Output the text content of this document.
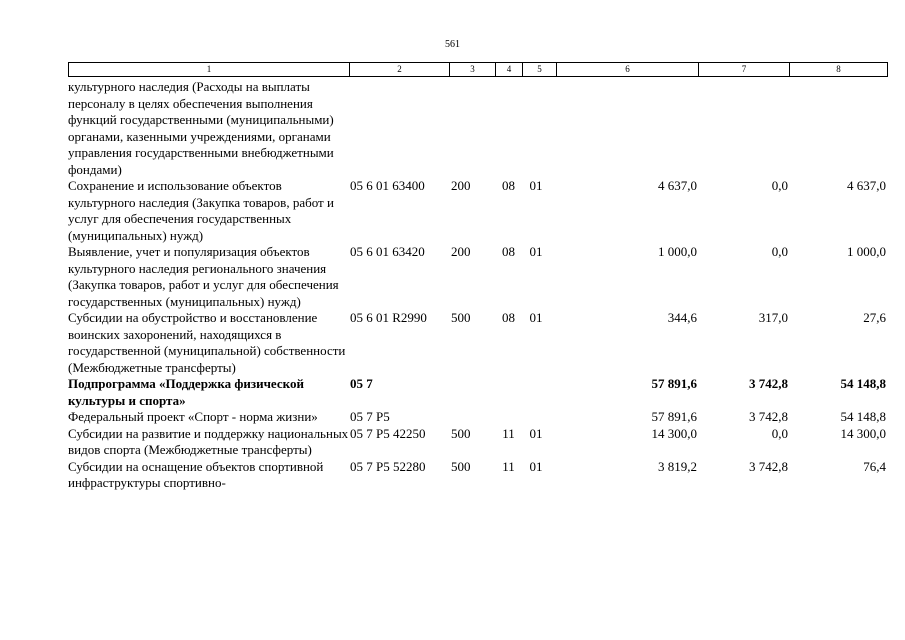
561
1	2	3	4	5	6	7	8
культурного наследия (Расходы на выплаты персоналу в целях обеспечения выполнения функций государственными (муниципальными) органами, казенными учреждениями, органами управления государственными внебюджетными фондами)							
Сохранение и использование объектов культурного наследия (Закупка товаров, работ и услуг для обеспечения государственных (муниципальных) нужд)	05 6 01 63400	200	08	01	4 637,0	0,0	4 637,0
Выявление, учет и популяризация объектов культурного наследия регионального значения (Закупка товаров, работ и услуг для обеспечения государственных (муниципальных) нужд)	05 6 01 63420	200	08	01	1 000,0	0,0	1 000,0
Субсидии на обустройство и восстановление воинских захоронений, находящихся в государственной (муниципальной) собственности (Межбюджетные трансферты)	05 6 01 R2990	500	08	01	344,6	317,0	27,6
Подпрограмма «Поддержка физической культуры и спорта»	05 7				57 891,6	3 742,8	54 148,8
Федеральный проект «Спорт - норма жизни»	05 7 P5				57 891,6	3 742,8	54 148,8
Субсидии на развитие и поддержку национальных видов спорта (Межбюджетные трансферты)	05 7 P5 42250	500	11	01	14 300,0	0,0	14 300,0
Субсидии на оснащение объектов спортивной инфраструктуры спортивно-	05 7 P5 52280	500	11	01	3 819,2	3 742,8	76,4
